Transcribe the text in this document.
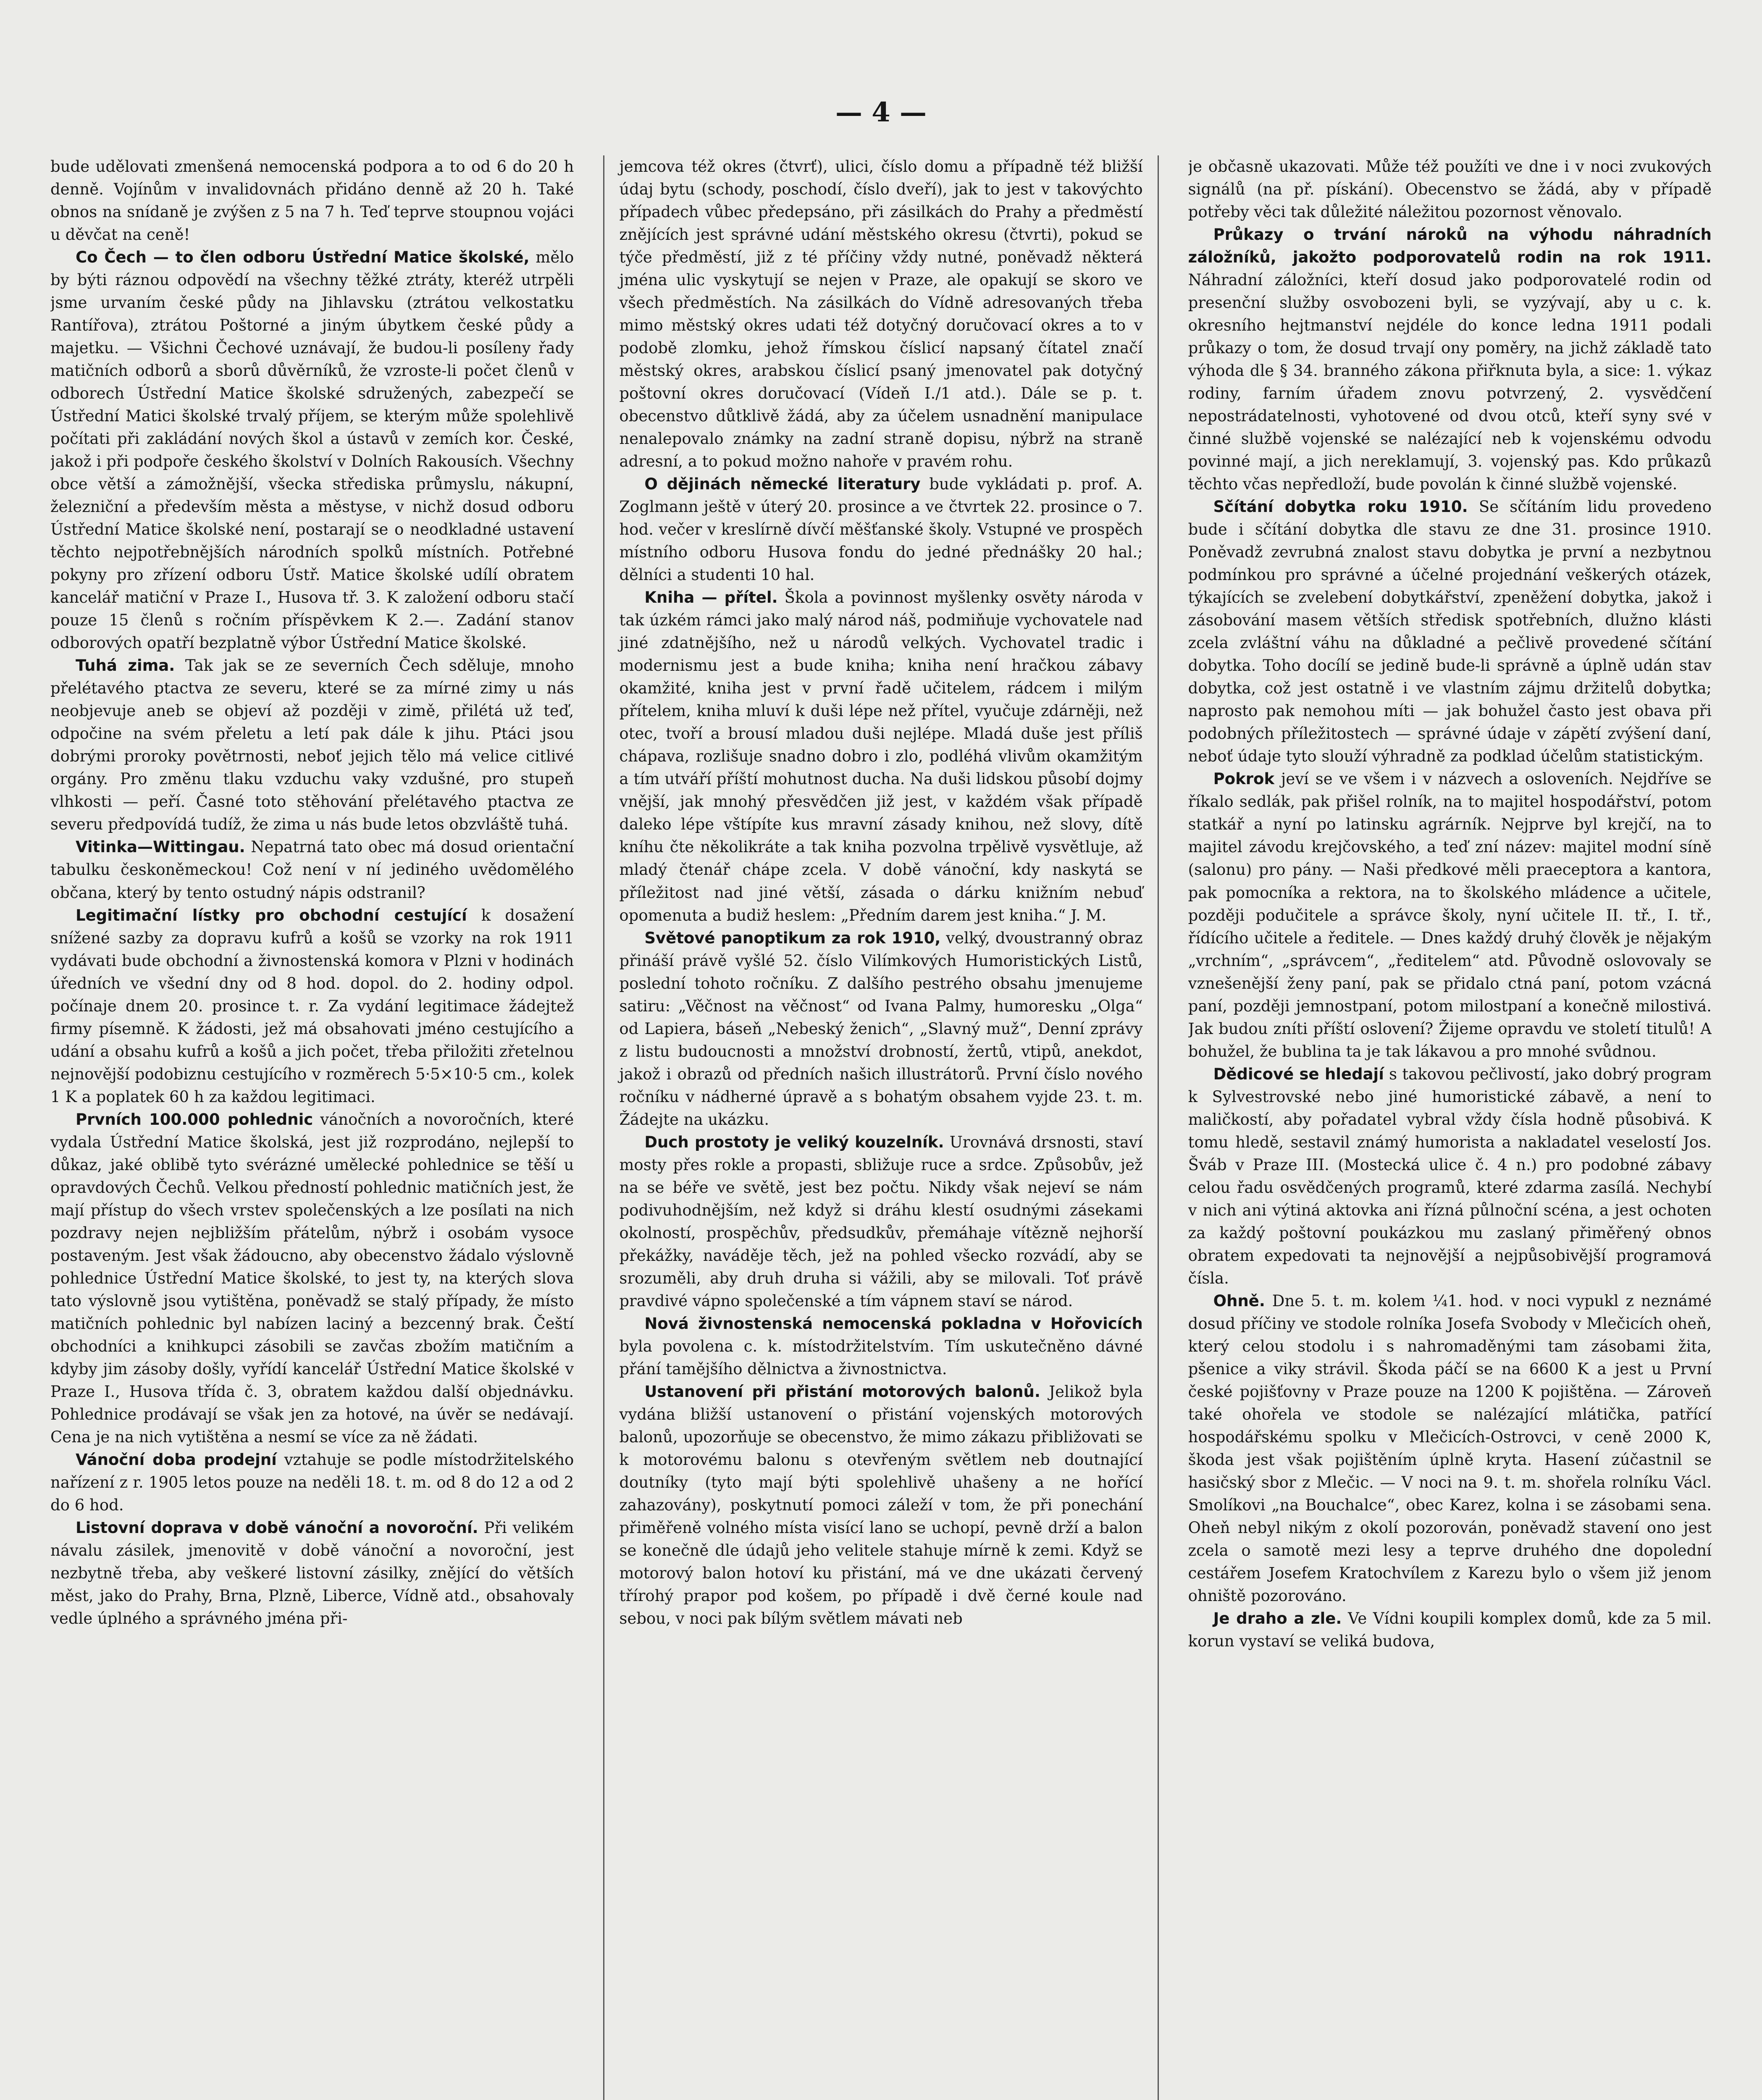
— 4 —

bude udělovati zmenšená nemocenská podpora a to od 6 do 20 h denně. Vojínům v invalidovnách přidáno denně až 20 h. Také obnos na snídaně je zvýšen z 5 na 7 h. Teď teprve stoupnou vojáci u děvčat na ceně!

Co Čech — to člen odboru Ústřední Matice školské, mělo by býti ráznou odpovědí na všechny těžké ztráty, kteréž utrpěli jsme urvaním české půdy na Jihlavsku (ztrátou velkostatku Rantířova), ztrátou Poštorné a jiným úbytkem české půdy a majetku. — Všichni Čechové uznávají, že budou-li posíleny řady matičních odborů a sborů důvěrníků, že vzroste-li počet členů v odborech Ústřední Matice školské sdružených, zabezpečí se Ústřední Matici školské trvalý příjem, se kterým může spolehlivě počítati při zakládání nových škol a ústavů v zemích kor. České, jakož i při podpoře českého školství v Dolních Rakousích. Všechny obce větší a zámožnější, všecka střediska průmyslu, nákupní, železniční a především města a městyse, v nichž dosud odboru Ústřední Matice školské není, postarají se o neodkladné ustavení těchto nejpotřebnějších národních spolků místních. Potřebné pokyny pro zřízení odboru Ústř. Matice školské udílí obratem kancelář matiční v Praze I., Husova tř. 3. K založení odboru stačí pouze 15 členů s ročním příspěvkem K 2.—. Zadání stanov odborových opatří bezplatně výbor Ústřední Matice školské.

Tuhá zima. Tak jak se ze severních Čech sděluje, mnoho přelétavého ptactva ze severu, které se za mírné zimy u nás neobjevuje aneb se objeví až později v zimě, přilétá už teď, odpočine na svém přeletu a letí pak dále k jihu. Ptáci jsou dobrými proroky povětrnosti, neboť jejich tělo má velice citlivé orgány. Pro změnu tlaku vzduchu vaky vzdušné, pro stupeň vlhkosti — peří. Časné toto stěhování přelétavého ptactva ze severu předpovídá tudíž, že zima u nás bude letos obzvláště tuhá.

Vitinka—Wittingau. Nepatrná tato obec má dosud orientační tabulku českoněmeckou! Což není v ní jediného uvědomělého občana, který by tento ostudný nápis odstranil?

Legitimační lístky pro obchodní cestující k dosažení snížené sazby za dopravu kufrů a košů se vzorky na rok 1911 vydávati bude obchodní a živnostenská komora v Plzni v hodinách úředních ve všední dny od 8 hod. dopol. do 2. hodiny odpol. počínaje dnem 20. prosince t. r. Za vydání legitimace žádejtež firmy písemně. K žádosti, jež má obsahovati jméno cestujícího a udání a obsahu kufrů a košů a jich počet, třeba přiložiti zřetelnou nejnovější podobiznu cestujícího v rozměrech 5·5×10·5 cm., kolek 1 K a poplatek 60 h za každou legitimaci.

Prvních 100.000 pohlednic vánočních a novoročních, které vydala Ústřední Matice školská, jest již rozprodáno, nejlepší to důkaz, jaké oblibě tyto svérázné umělecké pohlednice se těší u opravdových Čechů. Velkou předností pohlednic matičních jest, že mají přístup do všech vrstev společenských a lze posílati na nich pozdravy nejen nejbližším přátelům, nýbrž i osobám vysoce postaveným. Jest však žádoucno, aby obecenstvo žádalo výslovně pohlednice Ústřední Matice školské, to jest ty, na kterých slova tato výslovně jsou vytištěna, poněvadž se stalý případy, že místo matičních pohlednic byl nabízen laciný a bezcenný brak. Čeští obchodníci a knihkupci zásobili se zavčas zbožím matičním a kdyby jim zásoby došly, vyřídí kancelář Ústřední Matice školské v Praze I., Husova třída č. 3, obratem každou další objednávku. Pohlednice prodávají se však jen za hotové, na úvěr se nedávají. Cena je na nich vytištěna a nesmí se více za ně žádati.

Vánoční doba prodejní vztahuje se podle místodržitelského nařízení z r. 1905 letos pouze na neděli 18. t. m. od 8 do 12 a od 2 do 6 hod.

Listovní doprava v době vánoční a novoroční. Při velikém návalu zásilek, jmenovitě v době vánoční a novoroční, jest nezbytně třeba, aby veškeré listovní zásilky, znějící do větších měst, jako do Prahy, Brna, Plzně, Liberce, Vídně atd., obsahovaly vedle úplného a správného jména při-

jemcova též okres (čtvrť), ulici, číslo domu a případně též bližší údaj bytu (schody, poschodí, číslo dveří), jak to jest v takovýchto případech vůbec předepsáno, při zásilkách do Prahy a předměstí znějících jest správné udání městského okresu (čtvrti), pokud se týče předměstí, již z té příčiny vždy nutné, poněvadž některá jména ulic vyskytují se nejen v Praze, ale opakují se skoro ve všech předměstích. Na zásilkách do Vídně adresovaných třeba mimo městský okres udati též dotyčný doručovací okres a to v podobě zlomku, jehož římskou číslicí napsaný čítatel značí městský okres, arabskou číslicí psaný jmenovatel pak dotyčný poštovní okres doručovací (Vídeň I./1 atd.). Dále se p. t. obecenstvo důtklivě žádá, aby za účelem usnadnění manipulace nenalepovalo známky na zadní straně dopisu, nýbrž na straně adresní, a to pokud možno nahoře v pravém rohu.

O dějinách německé literatury bude vykládati p. prof. A. Zoglmann ještě v úterý 20. prosince a ve čtvrtek 22. prosince o 7. hod. večer v kreslírně dívčí měšťanské školy. Vstupné ve prospěch místního odboru Husova fondu do jedné přednášky 20 hal.; dělníci a studenti 10 hal.

Kniha — přítel. Škola a povinnost myšlenky osvěty národa v tak úzkém rámci jako malý národ náš, podmiňuje vychovatele nad jiné zdatnějšího, než u národů velkých. Vychovatel tradic i modernismu jest a bude kniha; kniha není hračkou zábavy okamžité, kniha jest v první řadě učitelem, rádcem i milým přítelem, kniha mluví k duši lépe než přítel, vyučuje zdárněji, než otec, tvoří a brousí mladou duši nejlépe. Mladá duše jest příliš chápava, rozlišuje snadno dobro i zlo, podléhá vlivům okamžitým a tím utváří příští mohutnost ducha. Na duši lidskou působí dojmy vnější, jak mnohý přesvědčen již jest, v každém však případě daleko lépe vštípíte kus mravní zásady knihou, než slovy, dítě kníhu čte několikráte a tak kniha pozvolna trpělivě vysvětluje, až mladý čtenář chápe zcela. V době vánoční, kdy naskytá se příležitost nad jiné větší, zásada o dárku knižním nebuď opomenuta a budiž heslem: „Předním darem jest kniha.“ J. M.

Světové panoptikum za rok 1910, velký, dvoustranný obraz přináší právě vyšlé 52. číslo Vilímkových Humoristických Listů, poslední tohoto ročníku. Z dalšího pestrého obsahu jmenujeme satiru: „Věčnost na věčnost“ od Ivana Palmy, humoresku „Olga“ od Lapiera, báseň „Nebeský ženich“, „Slavný muž“, Denní zprávy z listu budoucnosti a množství drobností, žertů, vtipů, anekdot, jakož i obrazů od předních našich illustrátorů. První číslo nového ročníku v nádherné úpravě a s bohatým obsahem vyjde 23. t. m. Žádejte na ukázku.

Duch prostoty je veliký kouzelník. Urovnává drsnosti, staví mosty přes rokle a propasti, sbližuje ruce a srdce. Způsobův, jež na se béře ve světě, jest bez počtu. Nikdy však nejeví se nám podivuhodnějším, než když si dráhu klestí osudnými zásekami okolností, prospěchův, předsudkův, přemáhaje vítězně nejhorší překážky, naváděje těch, jež na pohled všecko rozvádí, aby se srozuměli, aby druh druha si vážili, aby se milovali. Toť právě pravdivé vápno společenské a tím vápnem staví se národ.

Nová živnostenská nemocenská pokladna v Hořovicích byla povolena c. k. místodržitelstvím. Tím uskutečněno dávné přání tamějšího dělnictva a živnostnictva.

Ustanovení při přistání motorových balonů. Jelikož byla vydána bližší ustanovení o přistání vojenských motorových balonů, upozorňuje se obecenstvo, že mimo zákazu přibližovati se k motorovému balonu s otevřeným světlem neb doutnající doutníky (tyto mají býti spolehlivě uhašeny a ne hořící zahazovány), poskytnutí pomoci záleží v tom, že při ponechání přiměřeně volného místa visící lano se uchopí, pevně drží a balon se konečně dle údajů jeho velitele stahuje mírně k zemi. Když se motorový balon hotoví ku přistání, má ve dne ukázati červený třírohý prapor pod košem, po případě i dvě černé koule nad sebou, v noci pak bílým světlem mávati neb

je občasně ukazovati. Může též použíti ve dne i v noci zvukových signálů (na př. pískání). Obecenstvo se žádá, aby v případě potřeby věci tak důležité náležitou pozornost věnovalo.

Průkazy o trvání nároků na výhodu náhradních záložníků, jakožto podporovatelů rodin na rok 1911. Náhradní záložníci, kteří dosud jako podporovatelé rodin od presenční služby osvobozeni byli, se vyzývají, aby u c. k. okresního hejtmanství nejdéle do konce ledna 1911 podali průkazy o tom, že dosud trvají ony poměry, na jichž základě tato výhoda dle § 34. branného zákona přiřknuta byla, a sice: 1. výkaz rodiny, farním úřadem znovu potvrzený, 2. vysvědčení nepostrádatelnosti, vyhotovené od dvou otců, kteří syny své v činné službě vojenské se nalézající neb k vojenskému odvodu povinné mají, a jich nereklamují, 3. vojenský pas. Kdo průkazů těchto včas nepředloží, bude povolán k činné službě vojenské.

Sčítání dobytka roku 1910. Se sčítáním lidu provedeno bude i sčítání dobytka dle stavu ze dne 31. prosince 1910. Poněvadž zevrubná znalost stavu dobytka je první a nezbytnou podmínkou pro správné a účelné projednání veškerých otázek, týkajících se zvelebení dobytkářství, zpeněžení dobytka, jakož i zásobování masem větších středisk spotřebních, dlužno klásti zcela zvláštní váhu na důkladné a pečlivě provedené sčítání dobytka. Toho docílí se jedině bude-li správně a úplně udán stav dobytka, což jest ostatně i ve vlastním zájmu držitelů dobytka; naprosto pak nemohou míti — jak bohužel často jest obava při podobných příležitostech — správné údaje v zápětí zvýšení daní, neboť údaje tyto slouží výhradně za podklad účelům statistickým.

Pokrok jeví se ve všem i v názvech a osloveních. Nejdříve se říkalo sedlák, pak přišel rolník, na to majitel hospodářství, potom statkář a nyní po latinsku agrárník. Nejprve byl krejčí, na to majitel závodu krejčovského, a teď zní název: majitel modní síně (salonu) pro pány. — Naši předkové měli praeceptora a kantora, pak pomocníka a rektora, na to školského mládence a učitele, později podučitele a správce školy, nyní učitele II. tř., I. tř., řídícího učitele a ředitele. — Dnes každý druhý člověk je nějakým „vrchním“, „správcem“, „ředitelem“ atd. Původně oslovovaly se vznešenější ženy paní, pak se přidalo ctná paní, potom vzácná paní, později jemnostpaní, potom milostpaní a konečně milostivá. Jak budou zníti příští oslovení? Žijeme opravdu ve století titulů! A bohužel, že bublina ta je tak lákavou a pro mnohé svůdnou.

Dědicové se hledají s takovou pečlivostí, jako dobrý program k Sylvestrovské nebo jiné humoristické zábavě, a není to maličkostí, aby pořadatel vybral vždy čísla hodně působivá. K tomu hledě, sestavil známý humorista a nakladatel veselostí Jos. Šváb v Praze III. (Mostecká ulice č. 4 n.) pro podobné zábavy celou řadu osvědčených programů, které zdarma zasílá. Nechybí v nich ani výtiná aktovka ani řízná půlnoční scéna, a jest ochoten za každý poštovní poukázkou mu zaslaný přiměřený obnos obratem expedovati ta nejnovější a nejpůsobivější programová čísla.

Ohně. Dne 5. t. m. kolem ¼1. hod. v noci vypukl z neznámé dosud příčiny ve stodole rolníka Josefa Svobody v Mlečicích oheň, který celou stodolu i s nahromaděnými tam zásobami žita, pšenice a viky strávil. Škoda páčí se na 6600 K a jest u První české pojišťovny v Praze pouze na 1200 K pojištěna. — Zároveň také ohořela ve stodole se nalézající mlátička, patřící hospodářskému spolku v Mlečicích-Ostrovci, v ceně 2000 K, škoda jest však pojištěním úplně kryta. Hasení zúčastnil se hasičský sbor z Mlečic. — V noci na 9. t. m. shořela rolníku Václ. Smolíkovi „na Bouchalce“, obec Karez, kolna i se zásobami sena. Oheň nebyl nikým z okolí pozorován, poněvadž stavení ono jest zcela o samotě mezi lesy a teprve druhého dne dopolední cestářem Josefem Kratochvílem z Karezu bylo o všem již jenom ohniště pozorováno.

Je draho a zle. Ve Vídni koupili komplex domů, kde za 5 mil. korun vystaví se veliká budova,
